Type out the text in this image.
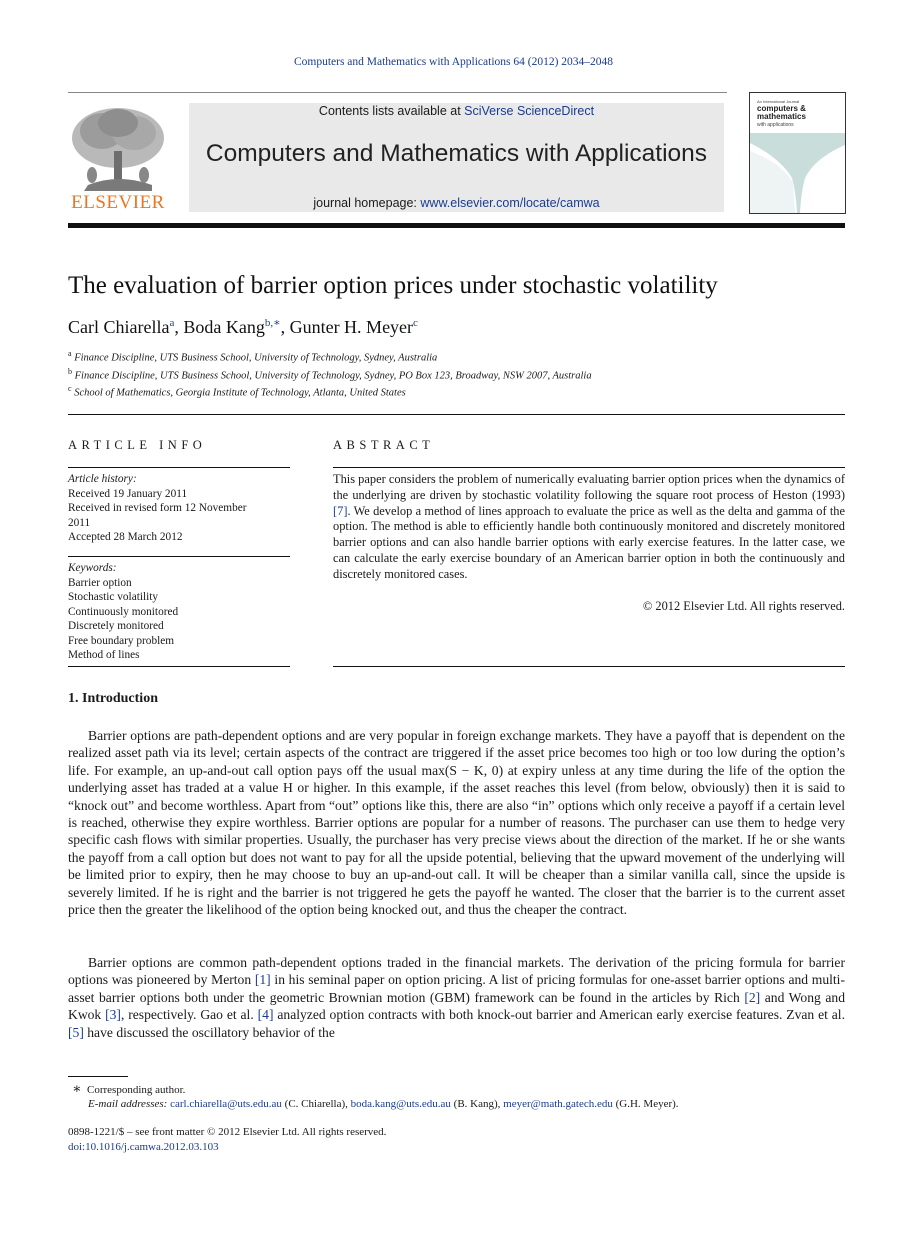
Computers and Mathematics with Applications 64 (2012) 2034–2048
ELSEVIER
Contents lists available at SciVerse ScienceDirect
Computers and Mathematics with Applications
journal homepage: www.elsevier.com/locate/camwa
An International Journal
computers &
mathematics
with applications
The evaluation of barrier option prices under stochastic volatility
Carl Chiarella$^a$, Boda Kang$^{b,∗}$, Gunter H. Meyer$^c$
$^a$ Finance Discipline, UTS Business School, University of Technology, Sydney, Australia
$^b$ Finance Discipline, UTS Business School, University of Technology, Sydney, PO Box 123, Broadway, NSW 2007, Australia
$^c$ School of Mathematics, Georgia Institute of Technology, Atlanta, United States
ARTICLE INFO
Article history:
Received 19 January 2011
Received in revised form 12 November
2011
Accepted 28 March 2012
Keywords:
Barrier option
Stochastic volatility
Continuously monitored
Discretely monitored
Free boundary problem
Method of lines
ABSTRACT
This paper considers the problem of numerically evaluating barrier option prices when the dynamics of the underlying are driven by stochastic volatility following the square root process of Heston (1993) [7]. We develop a method of lines approach to evaluate the price as well as the delta and gamma of the option. The method is able to efficiently handle both continuously monitored and discretely monitored barrier options and can also handle barrier options with early exercise features. In the latter case, we can calculate the early exercise boundary of an American barrier option in both the continuously and discretely monitored cases.
© 2012 Elsevier Ltd. All rights reserved.
1. Introduction
Barrier options are path-dependent options and are very popular in foreign exchange markets. They have a payoff that is dependent on the realized asset path via its level; certain aspects of the contract are triggered if the asset price becomes too high or too low during the option’s life. For example, an up-and-out call option pays off the usual max(S − K, 0) at expiry unless at any time during the life of the option the underlying asset has traded at a value H or higher. In this example, if the asset reaches this level (from below, obviously) then it is said to “knock out” and become worthless. Apart from “out” options like this, there are also “in” options which only receive a payoff if a certain level is reached, otherwise they expire worthless. Barrier options are popular for a number of reasons. The purchaser can use them to hedge very specific cash flows with similar properties. Usually, the purchaser has very precise views about the direction of the market. If he or she wants the payoff from a call option but does not want to pay for all the upside potential, believing that the upward movement of the underlying will be limited prior to expiry, then he may choose to buy an up-and-out call. It will be cheaper than a similar vanilla call, since the upside is severely limited. If he is right and the barrier is not triggered he gets the payoff he wanted. The closer that the barrier is to the current asset price then the greater the likelihood of the option being knocked out, and thus the cheaper the contract.
Barrier options are common path-dependent options traded in the financial markets. The derivation of the pricing formula for barrier options was pioneered by Merton [1] in his seminal paper on option pricing. A list of pricing formulas for one-asset barrier options and multi-asset barrier options both under the geometric Brownian motion (GBM) framework can be found in the articles by Rich [2] and Wong and Kwok [3], respectively. Gao et al. [4] analyzed option contracts with both knock-out barrier and American early exercise features. Zvan et al. [5] have discussed the oscillatory behavior of the
∗ Corresponding author.
E-mail addresses: carl.chiarella@uts.edu.au (C. Chiarella), boda.kang@uts.edu.au (B. Kang), meyer@math.gatech.edu (G.H. Meyer).
0898-1221/$ – see front matter © 2012 Elsevier Ltd. All rights reserved.
doi:10.1016/j.camwa.2012.03.103
